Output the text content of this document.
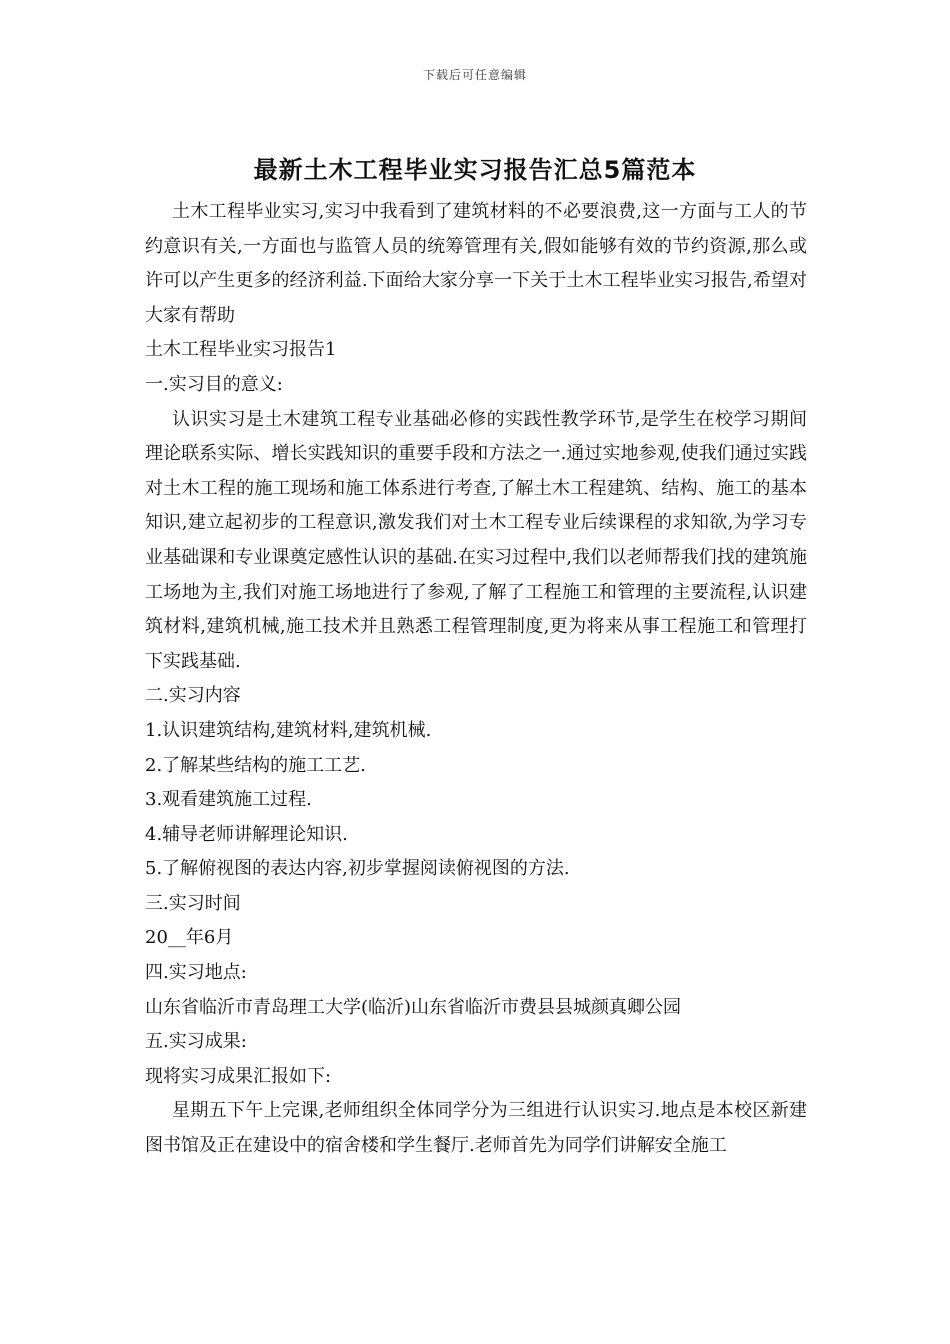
下载后可任意编辑
最新土木工程毕业实习报告汇总5篇范本

土木工程毕业实习,实习中我看到了建筑材料的不必要浪费,这一方面与工人的节约意识有关,一方面也与监管人员的统筹管理有关,假如能够有效的节约资源,那么或许可以产生更多的经济利益.下面给大家分享一下关于土木工程毕业实习报告,希望对大家有帮助

土木工程毕业实习报告1

一.实习目的意义:

认识实习是土木建筑工程专业基础必修的实践性教学环节,是学生在校学习期间理论联系实际、增长实践知识的重要手段和方法之一.通过实地参观,使我们通过实践对土木工程的施工现场和施工体系进行考查,了解土木工程建筑、结构、施工的基本知识,建立起初步的工程意识,激发我们对土木工程专业后续课程的求知欲,为学习专业基础课和专业课奠定感性认识的基础.在实习过程中,我们以老师帮我们找的建筑施工场地为主,我们对施工场地进行了参观,了解了工程施工和管理的主要流程,认识建筑材料,建筑机械,施工技术并且熟悉工程管理制度,更为将来从事工程施工和管理打下实践基础.

二.实习内容

1.认识建筑结构,建筑材料,建筑机械.

2.了解某些结构的施工工艺.

3.观看建筑施工过程.

4.辅导老师讲解理论知识.

5.了解俯视图的表达内容,初步掌握阅读俯视图的方法.

三.实习时间

20__年6月

四.实习地点:

山东省临沂市青岛理工大学(临沂)山东省临沂市费县县城颜真卿公园

五.实习成果:

现将实习成果汇报如下:

星期五下午上完课,老师组织全体同学分为三组进行认识实习.地点是本校区新建图书馆及正在建设中的宿舍楼和学生餐厅.老师首先为同学们讲解安全施工
